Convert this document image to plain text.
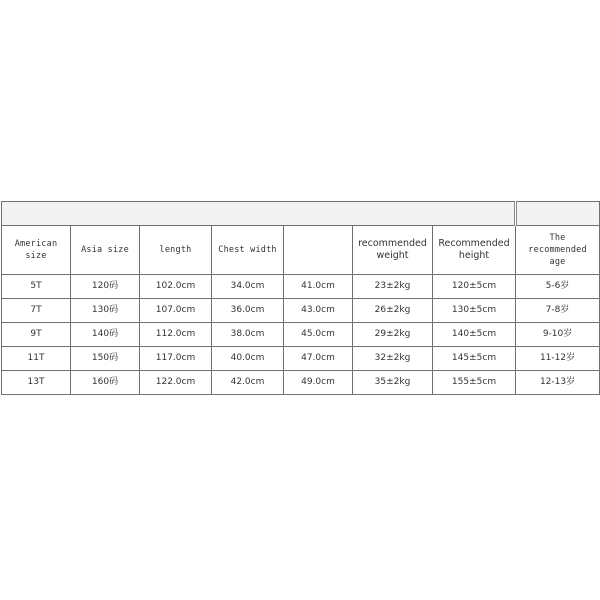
American size	Asia size	length	Chest width		recommended weight	Recommended height	The recommended age
5T	120码	102.0cm	34.0cm	41.0cm	23±2kg	120±5cm	5-6岁
7T	130码	107.0cm	36.0cm	43.0cm	26±2kg	130±5cm	7-8岁
9T	140码	112.0cm	38.0cm	45.0cm	29±2kg	140±5cm	9-10岁
11T	150码	117.0cm	40.0cm	47.0cm	32±2kg	145±5cm	11-12岁
13T	160码	122.0cm	42.0cm	49.0cm	35±2kg	155±5cm	12-13岁
